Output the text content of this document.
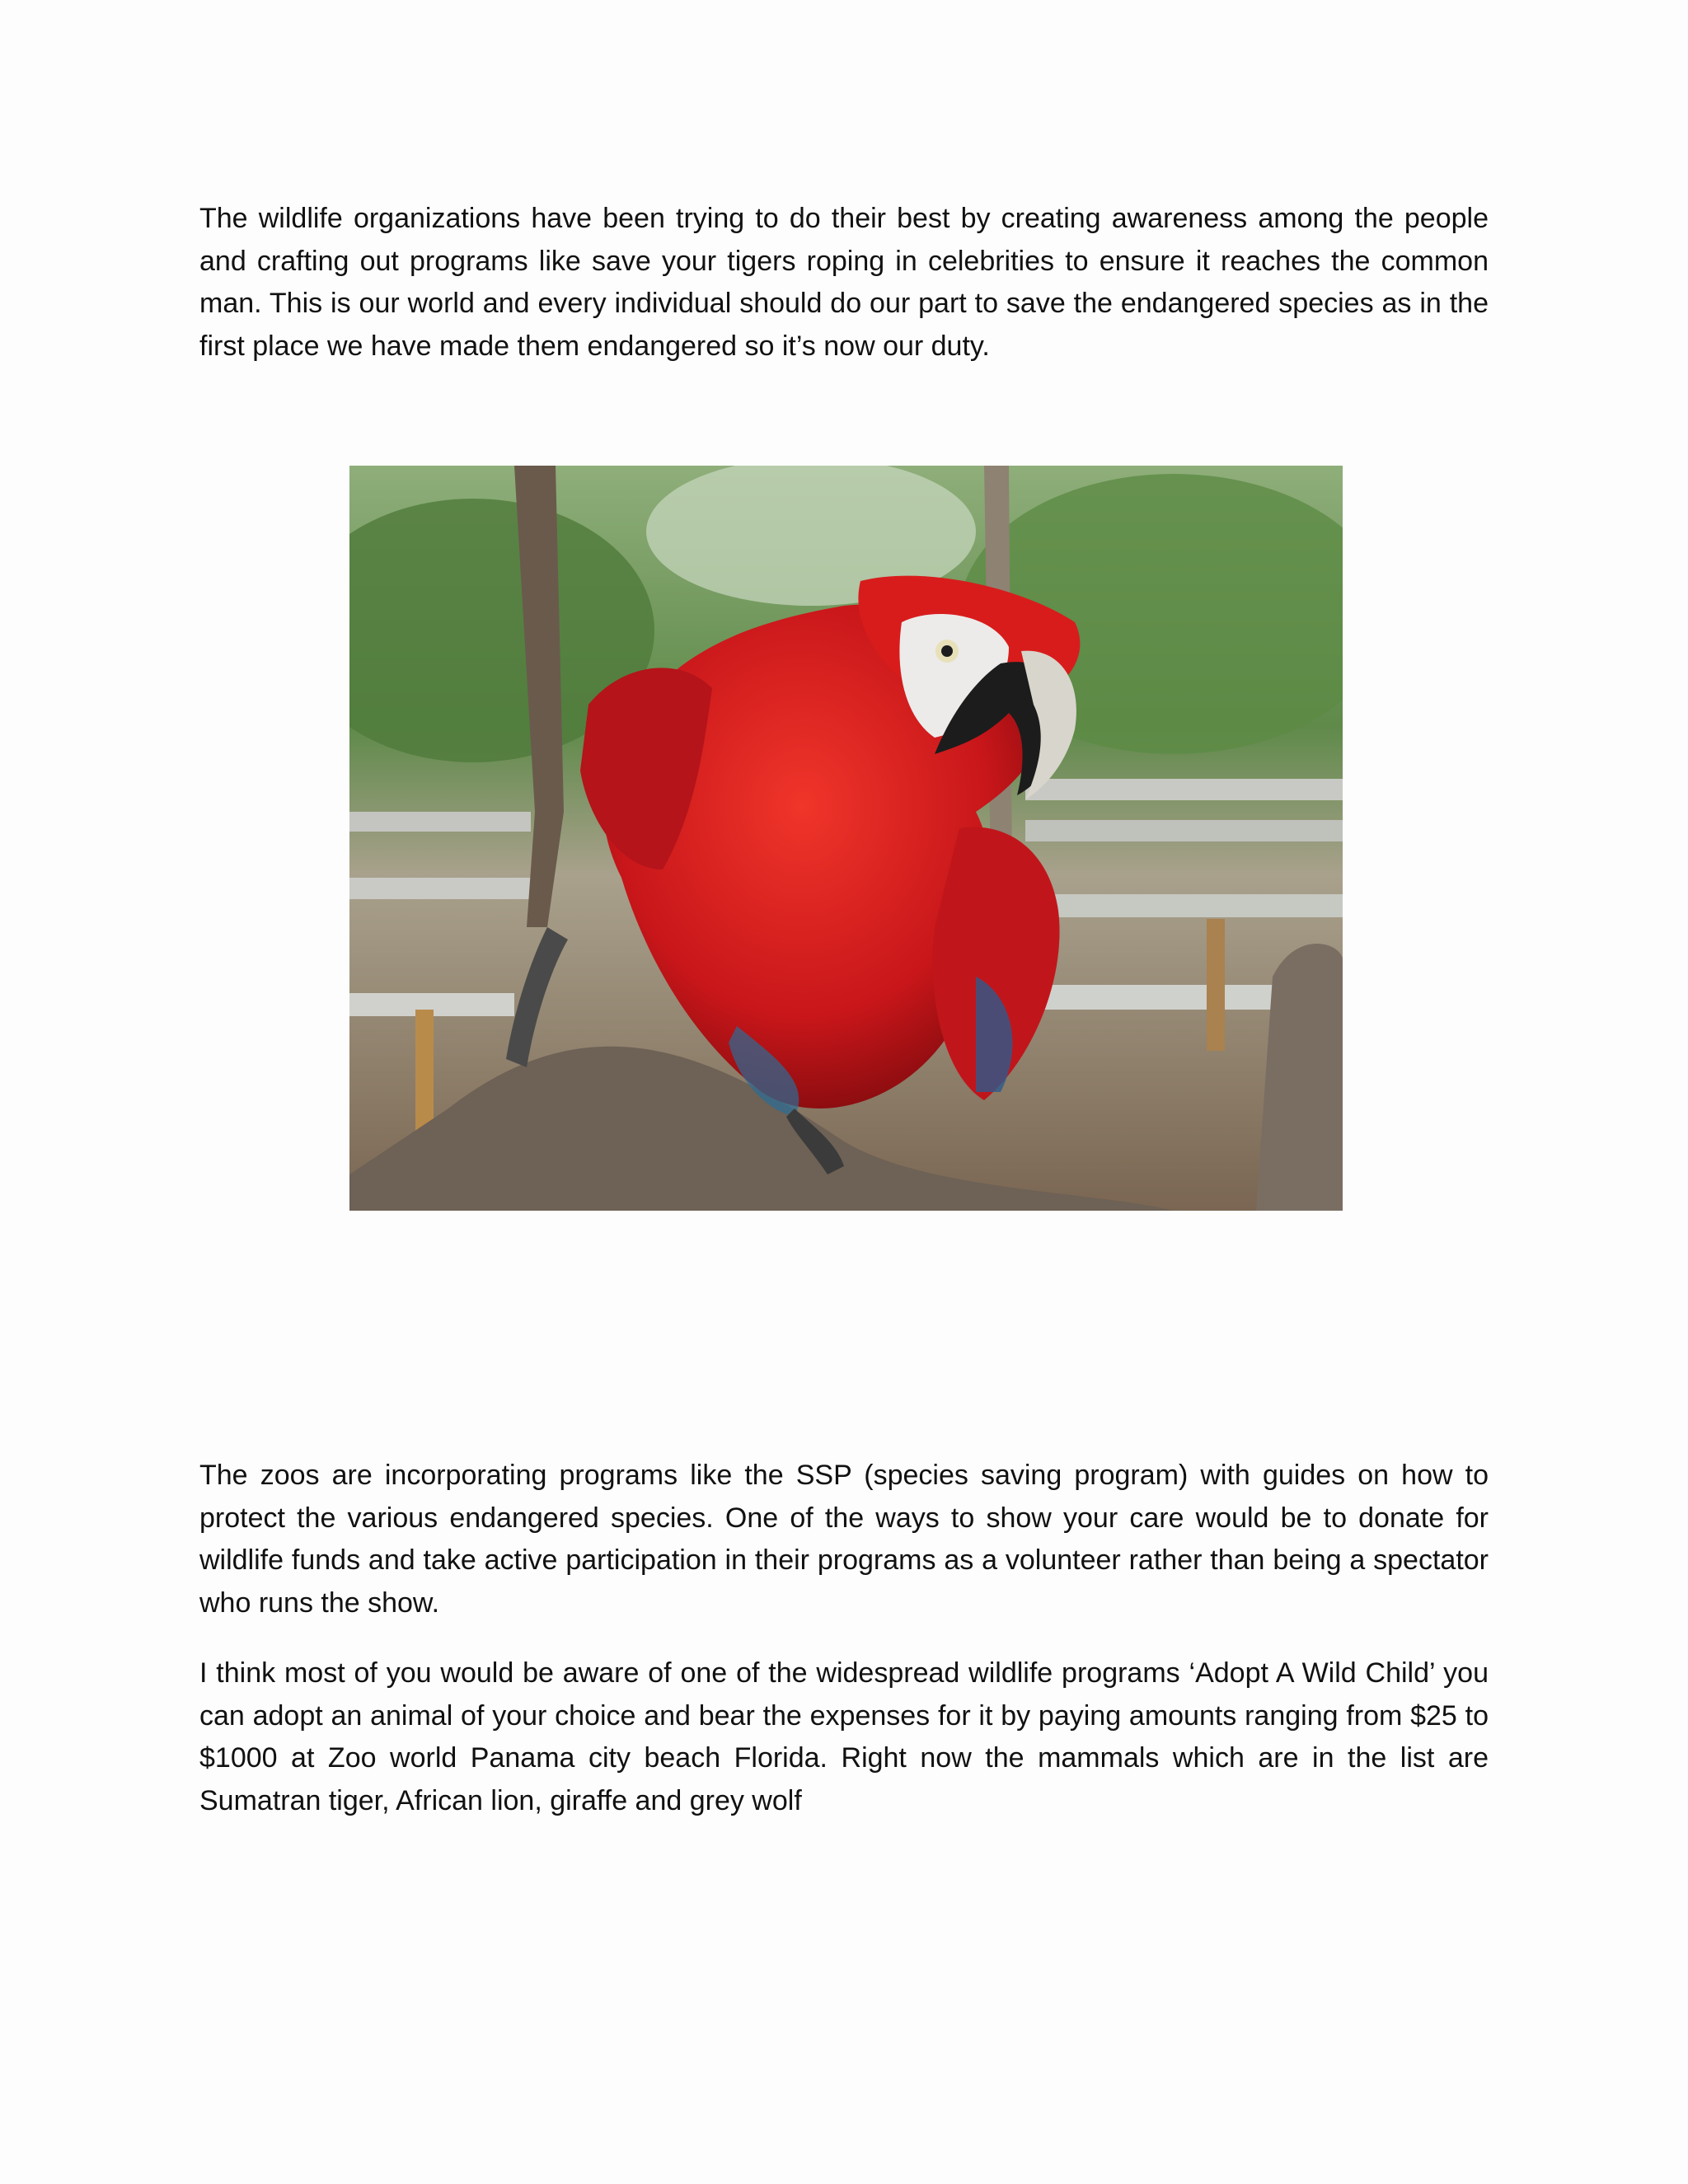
The wildlife organizations have been trying to do their best by creating awareness among the people and crafting out programs like save your tigers roping in celebrities to ensure it reaches the common man. This is our world and every individual should do our part to save the endangered species as in the first place we have made them endangered so it’s now our duty.

The zoos are incorporating programs like the SSP (species saving program) with guides on how to protect the various endangered species. One of the ways to show your care would be to donate for wildlife funds and take active participation in their programs as a volunteer rather than being a spectator who runs the show.

I think most of you would be aware of one of the widespread wildlife programs ‘Adopt A Wild Child’ you can adopt an animal of your choice and bear the expenses for it by paying amounts ranging from $25 to $1000 at Zoo world Panama city beach Florida. Right now the mammals which are in the list are Sumatran tiger, African lion, giraffe and grey wolf
